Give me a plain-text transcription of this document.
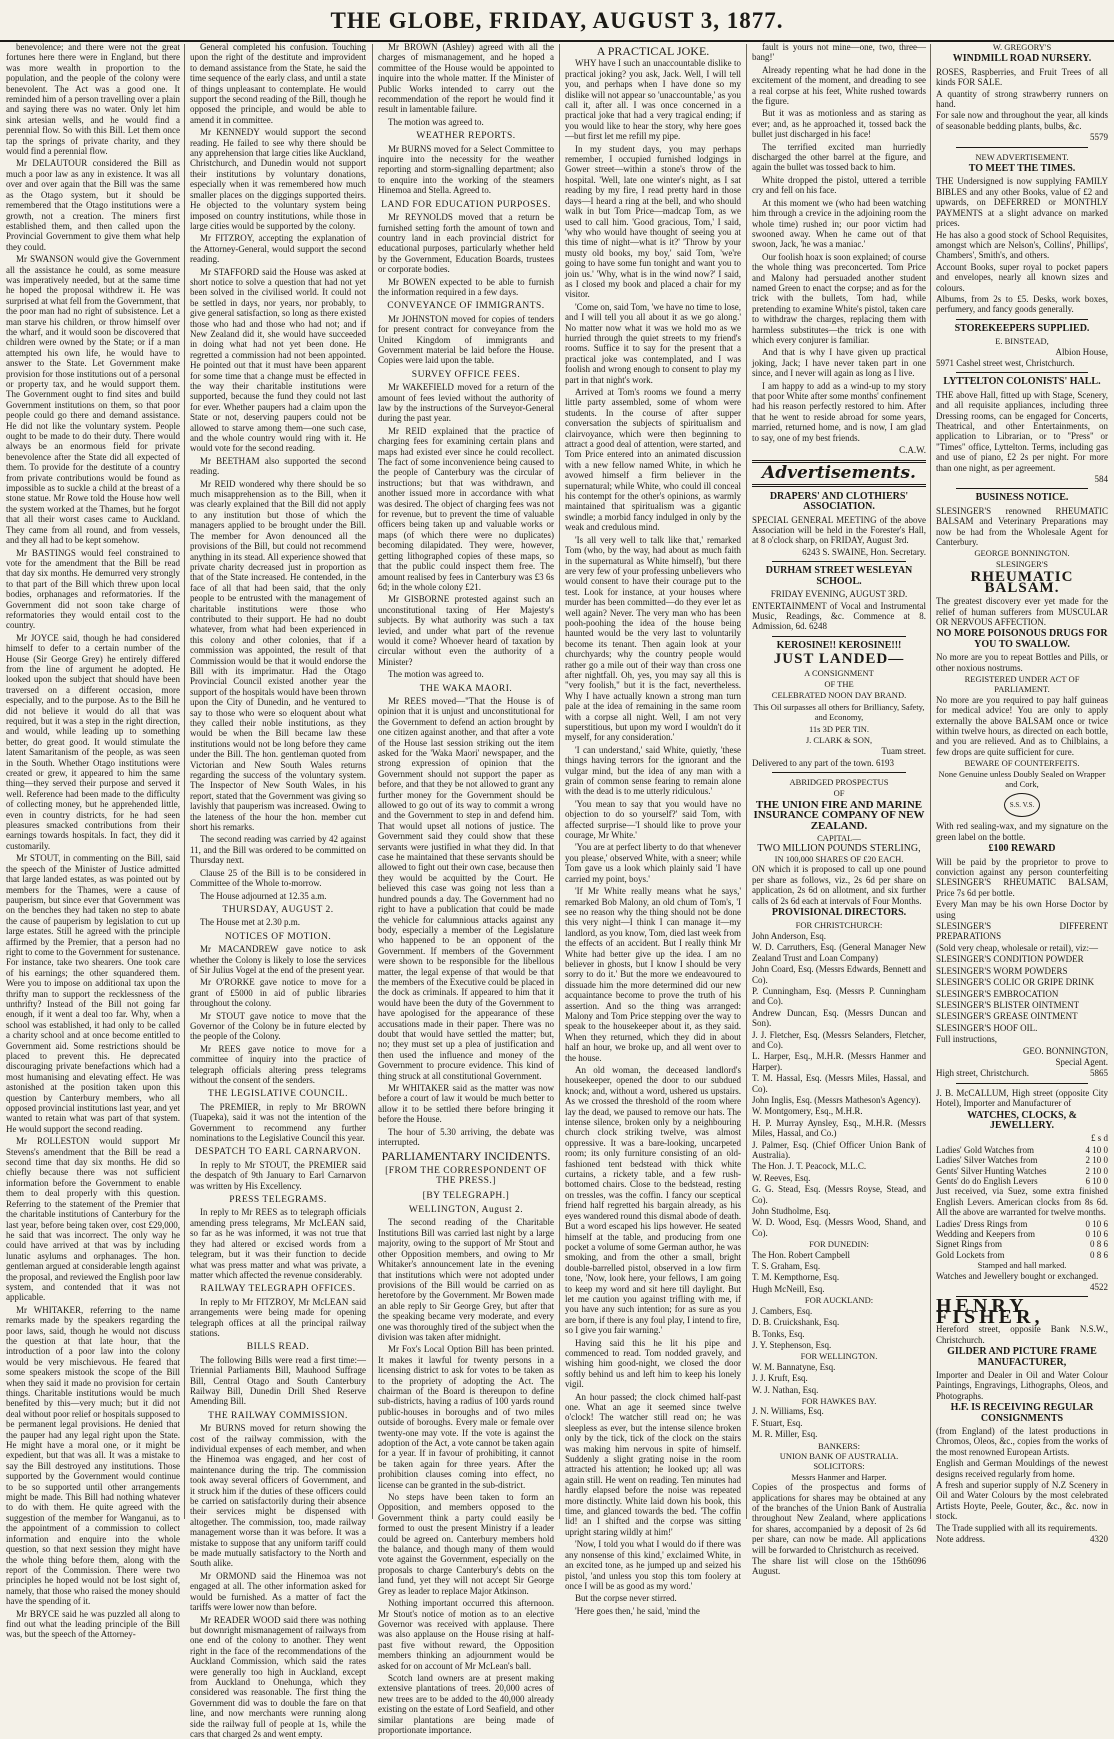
THE GLOBE, FRIDAY, AUGUST 3, 1877.

benevolence; and there were not the great fortunes here there were in England, but there was more wealth in proportion to the population, and the people of the colony were benevolent. The Act was a good one. It reminded him of a person travelling over a plain and saying there was no water. Only let him sink artesian wells, and he would find a perennial flow. So with this Bill. Let them once tap the springs of private charity, and they would find a perennial flow.

Mr DELAUTOUR considered the Bill as much a poor law as any in existence. It was all over and over again that the Bill was the same as the Otago system, but it should be remembered that the Otago institutions were a growth, not a creation. The miners first established them, and then called upon the Provincial Government to give them what help they could.

Mr SWANSON would give the Government all the assistance he could, as some measure was imperatively needed, but at the same time he hoped the proposal withdrew it. He was surprised at what fell from the Government, that the poor man had no right of subsistence. Let a man starve his children, or throw himself over the wharf, and it would soon be discovered that children were owned by the State; or if a man attempted his own life, he would have to answer to the State. Let Government make provision for those institutions out of a personal or property tax, and he would support them. The Government ought to find sites and build Government institutions on them, so that poor people could go there and demand assistance. He did not like the voluntary system. People ought to be made to do their duty. There would always be an enormous field for private benevolence after the State did all expected of them. To provide for the destitute of a country from private contributions would be found as impossible as to suckle a child at the breast of a stone statue. Mr Rowe told the House how well the system worked at the Thames, but he forgot that all their worst cases came to Auckland. They came from all round, and from vessels, and they all had to be kept somehow.

Mr BASTINGS would feel constrained to vote for the amendment that the Bill be read that day six months. He demurred very strongly to that part of the Bill which threw upon local bodies, orphanages and reformatories. If the Government did not soon take charge of reformatories they would entail cost to the country.

Mr JOYCE said, though he had considered himself to defer to a certain number of the House (Sir George Grey) he entirely differed from the line of argument he adopted. He looked upon the subject that should have been traversed on a different occasion, more especially, and to the purpose. As to the Bill he did not believe it would do all that was required, but it was a step in the right direction, and would, while leading up to something better, do great good. It would stimulate the latent Samaritanism of the people, as was seen in the South. Whether Otago institutions were created or grew, it appeared to him the same thing—they served their purpose and served it well. Reference had been made to the difficulty of collecting money, but he apprehended little, even in country districts, for he had seen pleasures smacked contributions from their earnings towards hospitals. In fact, they did it customarily.

Mr STOUT, in commenting on the Bill, said the speech of the Minister of Justice admitted that large landed estates, as was pointed out by members for the Thames, were a cause of pauperism, but since ever that Government was on the benches they had taken no step to abate the cause of pauperism by legislation to cut up large estates. Still he agreed with the principle affirmed by the Premier, that a person had no right to come to the Government for sustenance. For instance, take two shearers. One took care of his earnings; the other squandered them. Were you to impose on additional tax upon the thrifty man to support the recklessness of the unthrifty? Instead of the Bill not going far enough, if it went a deal too far. Why, when a school was established, it had only to be called a charity school and at once become entitled to Government aid. Some restrictions should be placed to prevent this. He deprecated discouraging private benefactions which had a most humanising and elevating effect. He was astonished at the position taken upon this question by Canterbury members, who all opposed provincial institutions last year, and yet wanted to retain what was part of that system. He would support the second reading.

Mr ROLLESTON would support Mr Stevens's amendment that the Bill be read a second time that day six months. He did so chiefly because there was not sufficient information before the Government to enable them to deal properly with this question. Referring to the statement of the Premier that the charitable institutions of Canterbury for the last year, before being taken over, cost £29,000, he said that was incorrect. The only way he could have arrived at that was by including lunatic asylums and orphanages. The hon. gentleman argued at considerable length against the proposal, and reviewed the English poor law system, and contended that it was not applicable.

Mr WHITAKER, referring to the name remarks made by the speakers regarding the poor laws, said, though he would not discuss the question at that late hour, that the introduction of a poor law into the colony would be very mischievous. He feared that some speakers mistook the scope of the Bill when they said it made no provision for certain things. Charitable institutions would be much benefited by this—very much; but it did not deal without poor relief or hospitals supposed to be permanent legal provisions. He denied that the pauper had any legal right upon the State. He might have a moral one, or it might be expedient, but that was all. It was a mistake to say the Bill destroyed any institutions. Those supported by the Government would continue to be so supported until other arrangements might be made. This Bill had nothing whatever to do with them. He quite agreed with the suggestion of the member for Wanganui, as to the appointment of a commission to collect information and enquire into the whole question, so that next session they might have the whole thing before them, along with the report of the Commission. There were two principles he hoped would not be lost sight of, namely, that those who raised the money should have the spending of it.

Mr BRYCE said he was puzzled all along to find out what the leading principle of the Bill was, but the speech of the Attorney-

General completed his confusion. Touching upon the right of the destitute and improvident to demand assistance from the State, he said the time sequence of the early class, and until a state of things unpleasant to contemplate. He would support the second reading of the Bill, though he opposed the principle, and would be able to amend it in committee.

Mr KENNEDY would support the second reading. He failed to see why there should be any apprehension that large cities like Auckland, Christchurch, and Dunedin would not support their institutions by voluntary donations, especially when it was remembered how much smaller places on the diggings supported theirs. He objected to the voluntary system being imposed on country institutions, while those in large cities would be supported by the colony.

Mr FITZROY, accepting the explanation of the Attorney-General, would support the second reading.

Mr STAFFORD said the House was asked at short notice to solve a question that had not yet been solved in the civilised world. It could not be settled in days, nor years, nor probably, to give general satisfaction, so long as there existed those who had and those who had not; and if New Zealand did it, she would have succeeded in doing what had not yet been done. He regretted a commission had not been appointed. He pointed out that it must have been apparent for some time that a change must be effected in the way their charitable institutions were supported, because the fund they could not last for ever. Whether paupers had a claim upon the State or not, deserving paupers could not be allowed to starve among them—one such case, and the whole country would ring with it. He would vote for the second reading.

Mr BEETHAM also supported the second reading.

Mr REID wondered why there should be so much misapprehension as to the Bill, when it was clearly explained that the Bill did not apply to any institution but those of which the managers applied to be brought under the Bill. The member for Avon denounced all the provisions of the Bill, but could not recommend anything in its stead. All experience showed that private charity decreased just in proportion as that of the State increased. He contended, in the face of all that had been said, that the only people to be entrusted with the management of charitable institutions were those who contributed to their support. He had no doubt whatever, from what had been experienced in this colony and other colonies, that if a commission was appointed, the result of that Commission would be that it would endorse the Bill with its imprimatur. Had the Otago Provincial Council existed another year the support of the hospitals would have been thrown upon the City of Dunedin, and he ventured to say to those who were so eloquent about what they called their noble institutions, as they would be when the Bill became law these institutions would not be long before they came under the Bill. The hon. gentleman quoted from Victorian and New South Wales returns regarding the success of the voluntary system. The Inspector of New South Wales, in his report, stated that the Government was giving so lavishly that pauperism was increased. Owing to the lateness of the hour the hon. member cut short his remarks.

The second reading was carried by 42 against 11, and the Bill was ordered to be committed on Thursday next.

Clause 25 of the Bill is to be considered in Committee of the Whole to-morrow.

The House adjourned at 12.35 a.m.

THURSDAY, AUGUST 2.

The House met at 2.30 p.m.

NOTICES OF MOTION.

Mr MACANDREW gave notice to ask whether the Colony is likely to lose the services of Sir Julius Vogel at the end of the present year.

Mr O'RORKE gave notice to move for a grant of £5000 in aid of public libraries throughout the colony.

Mr STOUT gave notice to move that the Governor of the Colony be in future elected by the people of the Colony.

Mr REES gave notice to move for a committee of inquiry into the practice of telegraph officials altering press telegrams without the consent of the senders.

THE LEGISLATIVE COUNCIL.

The PREMIER, in reply to Mr BROWN (Tuapeka), said it was not the intention of the Government to recommend any further nominations to the Legislative Council this year.

DESPATCH TO EARL CARNARVON.

In reply to Mr STOUT, the PREMIER said the despatch of 9th January to Earl Carnarvon was written by His Excellency.

PRESS TELEGRAMS.

In reply to Mr REES as to telegraph officials amending press telegrams, Mr McLEAN said, so far as he was informed, it was not true that they had altered or excised words from a telegram, but it was their function to decide what was press matter and what was private, a matter which affected the revenue considerably.

RAILWAY TELEGRAPH OFFICES.

In reply to Mr FITZROY, Mr McLEAN said arrangements were being made for opening telegraph offices at all the principal railway stations.

BILLS READ.

The following Bills were read a first time:—Triennial Parliaments Bill, Mauhood Suffrage Bill, Central Otago and South Canterbury Railway Bill, Dunedin Drill Shed Reserve Amending Bill.

THE RAILWAY COMMISSION.

Mr BURNS moved for return showing the cost of the railway commission, with the individual expenses of each member, and when the Hinemoa was engaged, and her cost of maintenance during the trip. The commission took away several officers of Government, and it struck him if the duties of these officers could be carried on satisfactorily during their absence their services might be dispensed with altogether. The commission, too, made railway management worse than it was before. It was a mistake to suppose that any uniform tariff could be made mutually satisfactory to the North and South alike.

Mr ORMOND said the Hinemoa was not engaged at all. The other information asked for would be furnished. As a matter of fact the tariffs were lower now than before.

Mr READER WOOD said there was nothing but downright mismanagement of railways from one end of the colony to another. They went right in the face of the recommendations of the Auckland Commission, which said the rates were generally too high in Auckland, except from Auckland to Onehunga, which they considered was reasonable. The first thing the Government did was to double the fare on that line, and now merchants were running along side the railway full of people at 1s, while the cars that charged 2s and went empty.

Mr BROWN (Ashley) agreed with all the charges of mismanagement, and he hoped a committee of the House would be appointed to inquire into the whole matter. If the Minister of Public Works intended to carry out the recommendation of the report he would find it result in lamentable failure.

The motion was agreed to.

WEATHER REPORTS.

Mr BURNS moved for a Select Committee to inquire into the necessity for the weather reporting and storm-signalling department; also to enquire into the working of the steamers Hinemoa and Stella. Agreed to.

LAND FOR EDUCATION PURPOSES.

Mr REYNOLDS moved that a return be furnished setting forth the amount of town and country land in each provincial district for educational purposes, particularly whether held by the Government, Education Boards, trustees or corporate bodies.

Mr BOWEN expected to be able to furnish the information required in a few days.

CONVEYANCE OF IMMIGRANTS.

Mr JOHNSTON moved for copies of tenders for present contract for conveyance from the United Kingdom of immigrants and Government material be laid before the House. Copies were laid upon the table.

SURVEY OFFICE FEES.

Mr WAKEFIELD moved for a return of the amount of fees levied without the authority of law by the instructions of the Surveyor-General during the past year.

Mr REID explained that the practice of charging fees for examining certain plans and maps had existed ever since he could recollect. The fact of some inconvenience being caused to the people of Canterbury was the circular of instructions; but that was withdrawn, and another issued more in accordance with what was desired. The object of charging fees was not for revenue, but to prevent the time of valuable officers being taken up and valuable works or maps (of which there were no duplicates) becoming dilapidated. They were, however, getting lithographed copies of these maps, so that the public could inspect them free. The amount realised by fees in Canterbury was £3 6s 6d; in the whole colony £21.

Mr GISBORNE protested against such an unconstitutional taxing of Her Majesty's subjects. By what authority was such a tax levied, and under what part of the revenue would it come? Whoever heard of taxation by circular without even the authority of a Minister?

The motion was agreed to.

THE WAKA MAORI.

Mr REES moved—"That the House is of opinion that it is unjust and unconstitutional for the Government to defend an action brought by one citizen against another, and that after a vote of the House last session striking out the item asked for the 'Waka Maori' newspaper, and the strong expression of opinion that the Government should not support the paper as before, and that they be not allowed to grant any further money for the Government should be allowed to go out of its way to commit a wrong and the Government to step in and defend him. That would upset all notions of justice. The Government said they could show that these servants were justified in what they did. In that case he maintained that these servants should be allowed to fight out their own case, because then they would be acquitted by the Court. He believed this case was going not less than a hundred pounds a day. The Government had no right to have a publication that could be made the vehicle for calumnious attacks against any body, especially a member of the Legislature who happened to be an opponent of the Government. If members of the Government were shown to be responsible for the libellous matter, the legal expense of that would be that the members of the Executive could be placed in the dock as criminals. If appeared to him that it would have been the duty of the Government to have apologised for the appearance of these accusations made in their paper. There was no doubt that would have settled the matter; but, no; they must set up a plea of justification and then used the influence and money of the Government to procure evidence. This kind of thing struck at all constitutional Government.

Mr WHITAKER said as the matter was now before a court of law it would be much better to allow it to be settled there before bringing it before the House.

The hour of 5.30 arriving, the debate was interrupted.

PARLIAMENTARY INCIDENTS.
[FROM THE CORRESPONDENT OF THE PRESS.]
[BY TELEGRAPH.]
WELLINGTON, August 2.

The second reading of the Charitable Institutions Bill was carried last night by a large majority, owing to the support of Mr Stout and other Opposition members, and owing to Mr Whitaker's announcement late in the evening that institutions which were not adopted under provisions of the Bill would be carried on as heretofore by the Government. Mr Bowen made an able reply to Sir George Grey, but after that the speaking became very moderate, and every one was thoroughly tired of the subject when the division was taken after midnight.

Mr Fox's Local Option Bill has been printed. It makes it lawful for twenty persons in a licensing district to ask for votes to be taken as to the propriety of adopting the Act. The chairman of the Board is thereupon to define sub-districts, having a radius of 100 yards round public-houses in boroughs and of two miles outside of boroughs. Every male or female over twenty-one may vote. If the vote is against the adoption of the Act, a vote cannot be taken again for a year. If in favour of prohibiting, it cannot be taken again for three years. After the prohibition clauses coming into effect, no license can be granted in the sub-district.

No steps have been taken to form an Opposition, and members opposed to the Government think a party could easily be formed to oust the present Ministry if a leader could be agreed on. Canterbury members hold the balance, and though many of them would vote against the Government, especially on the proposals to charge Canterbury's debts on the land fund, yet they will not accept Sir George Grey as leader to replace Major Atkinson.

Nothing important occurred this afternoon. Mr Stout's notice of motion as to an elective Governor was received with applause. There was also applause on the House rising at half-past five without reward, the Opposition members thinking an adjournment would be asked for on account of Mr McLean's ball.

Scotch land owners are at present making extensive plantations of trees. 20,000 acres of new trees are to be added to the 40,000 already existing on the estate of Lord Seafield, and other similar plantations are being made of proportionate importance.

A PRACTICAL JOKE.

WHY have I such an unaccountable dislike to practical joking? you ask, Jack. Well, I will tell you, and perhaps when I have done so my dislike will not appear so 'unaccountable,' as you call it, after all. I was once concerned in a practical joke that had a very tragical ending; if you would like to hear the story, why here goes—but first let me refill my pipe.

In my student days, you may perhaps remember, I occupied furnished lodgings in Gower street—within a stone's throw of the hospital. 'Well, late one winter's night, as I sat reading by my fire, I read pretty hard in those days—I heard a ring at the bell, and who should walk in but Tom Price—madcap Tom, as we used to call him. 'Good gracious, Tom,' I said, 'why who would have thought of seeing you at this time of night—what is it?' 'Throw by your musty old books, my boy,' said Tom, 'we're going to have some fun tonight and want you to join us.' 'Why, what is in the wind now?' I said, as I closed my book and placed a chair for my visitor.

'Come on, said Tom, 'we have no time to lose, and I will tell you all about it as we go along.' No matter now what it was we hold mo as we hurried through the quiet streets to my friend's rooms. Suffice it to say for the present that a practical joke was contemplated, and I was foolish and wrong enough to consent to play my part in that night's work.

Arrived at Tom's rooms we found a merry little party assembled, some of whom were students. In the course of after supper conversation the subjects of spiritualism and clairvoyance, which were then beginning to attract a good deal of attention, were started, and Tom Price entered into an animated discussion with a new fellow named White, in which he avowed himself a firm believer in the supernatural; while White, who could ill conceal his contempt for the other's opinions, as warmly maintained that spiritualism was a gigantic swindle; a morbid fancy indulged in only by the weak and credulous mind.

'Is all very well to talk like that,' remarked Tom (who, by the way, had about as much faith in the supernatural as White himself), 'but there are very few of your professing unbelievers who would consent to have their courage put to the test. Look for instance, at your houses where murder has been committed—do they ever let as well again? Never. The very man who has been pooh-poohing the idea of the house being haunted would be the very last to voluntarily become its tenant. Then again look at your churchyards; why the country people would rather go a mile out of their way than cross one after nightfall. Oh, yes, you may say all this is "very foolish," but it is the fact, nevertheless. Why I have actually known a strong man turn pale at the idea of remaining in the same room with a corpse all night. Well, I am not very superstitious, but upon my word I wouldn't do it myself, for any consideration.'

'I can understand,' said White, quietly, 'these things having terrors for the ignorant and the vulgar mind, but the idea of any man with a grain of common sense fearing to remain alone with the dead is to me utterly ridiculous.'

'You mean to say that you would have no objection to do so yourself?' said Tom, with affected surprise—'I should like to prove your courage, Mr White.'

'You are at perfect liberty to do that whenever you please,' observed White, with a sneer; while Tom gave us a look which plainly said 'I have carried my point, boys.'

'If Mr White really means what he says,' remarked Bob Malony, an old chum of Tom's, 'I see no reason why the thing should not be done this very night—I think I can manage it—my landlord, as you know, Tom, died last week from the effects of an accident. But I really think Mr White had better give up the idea. I am no believer in ghosts, but I know I should be very sorry to do it.' But the more we endeavoured to dissuade him the more determined did our new acquaintance become to prove the truth of his assertion. And so the thing was arranged: Malony and Tom Price stepping over the way to speak to the housekeeper about it, as they said. When they returned, which they did in about half an hour, we broke up, and all went over to the house.

An old woman, the deceased landlord's housekeeper, opened the door to our subdued knock; and, without a word, ushered us upstairs. As we crossed the threshold of the room where lay the dead, we paused to remove our hats. The intense silence, broken only by a neighbouring church clock striking twelve, was almost oppressive. It was a bare-looking, uncarpeted room; its only furniture consisting of an old-fashioned tent bedstead with thick white curtains, a rickety table, and a few rush-bottomed chairs. Close to the bedstead, resting on tressles, was the coffin. I fancy our sceptical friend half regretted his bargain already, as his eyes wandered round this dismal abode of death. But a word escaped his lips however. He seated himself at the table, and producing from one pocket a volume of some German author, he was smoking, and from the other a small, bright double-barrelled pistol, observed in a low firm tone, 'Now, look here, your fellows, I am going to keep my word and sit here till daylight. But let me caution you against trifling with me, if you have any such intention; for as sure as you are born, if there is any foul play, I intend to fire, so I give you fair warning.'

Having said this he lit his pipe and commenced to read. Tom nodded gravely, and wishing him good-night, we closed the door softly behind us and left him to keep his lonely vigil.

An hour passed; the clock chimed half-past one. What an age it seemed since twelve o'clock! The watcher still read on; he was sleepless as ever, but the intense silence broken only by the tick, tick of the clock on the stairs was making him nervous in spite of himself. Suddenly a slight grating noise in the room attracted his attention; he looked up; all was again still. He went on reading. Ten minutes had hardly elapsed before the noise was repeated more distinctly. White laid down his book, this time, and glanced towards the bed. 'The coffin lid! an I shifted and the corpse was sitting upright staring wildly at him!'

'Now, I told you what I would do if there was any nonsense of this kind,' exclaimed White, in an excited tone, as he jumped up and seized his pistol, 'and unless you stop this tom foolery at once I will be as good as my word.'

But the corpse never stirred.

'Here goes then,' he said, 'mind the

fault is yours not mine—one, two, three—bang!'

Already repenting what he had done in the excitement of the moment, and dreading to see a real corpse at his feet, White rushed towards the figure.

But it was as motionless and as staring as ever; and, as he approached it, tossed back the bullet just discharged in his face!

The terrified excited man hurriedly discharged the other barrel at the figure, and again the bullet was tossed back to him.

White dropped the pistol, uttered a terrible cry and fell on his face.

At this moment we (who had been watching him through a crevice in the adjoining room the whole time) rushed in; our poor victim had swooned away. When he came out of that swoon, Jack, 'he was a maniac.'

Our foolish hoax is soon explained; of course the whole thing was preconcerted. Tom Price and Malony had persuaded another student named Green to enact the corpse; and as for the trick with the bullets, Tom had, while pretending to examine White's pistol, taken care to withdraw the charges, replacing them with harmless substitutes—the trick is one with which every conjurer is familiar.

And that is why I have given up practical joking, Jack; I have never taken part in one since, and I never will again as long as I live.

I am happy to add as a wind-up to my story that poor White after some months' confinement had his reason perfectly restored to him. After that he went to reside abroad for some years, married, returned home, and is now, I am glad to say, one of my best friends.

C.A.W.

Advertisements.
DRAPERS' AND CLOTHIERS' ASSOCIATION.

SPECIAL GENERAL MEETING of the above Association will be held in the Forester's Hall, at 8 o'clock sharp, on FRIDAY, August 3rd.

6243 S. SWAINE, Hon. Secretary.

DURHAM STREET WESLEYAN SCHOOL.

FRIDAY EVENING, AUGUST 3RD.

ENTERTAINMENT of Vocal and Instrumental Music, Readings, &c. Commence at 8. Admission, 6d. 6248

KEROSINE!! KEROSINE!!!
JUST LANDED—

A CONSIGNMENT

OF THE

CELEBRATED NOON DAY BRAND.

This Oil surpasses all others for Brilliancy, Safety, and Economy,

11s 3D PER TIN.

J. CLARK & SON,

Tuam street.

Delivered to any part of the town. 6193

ABRIDGED PROSPECTUS
OF
THE UNION FIRE AND MARINE INSURANCE COMPANY OF NEW ZEALAND.
CAPITAL—
TWO MILLION POUNDS STERLING,
IN 100,000 SHARES OF £20 EACH.

ON which it is proposed to call up one pound per share as follows, viz., 2s 6d per share on application, 2s 6d on allotment, and six further calls of 2s 6d each at intervals of Four Months.

PROVISIONAL DIRECTORS.
FOR CHRISTCHURCH:

John Anderson, Esq.

W. D. Carruthers, Esq. (General Manager New Zealand Trust and Loan Company)

John Coard, Esq. (Messrs Edwards, Bennett and Co).

P. Cunningham, Esq. (Messrs P. Cunningham and Co).

Andrew Duncan, Esq. (Messrs Duncan and Son).

J. J. Fletcher, Esq. (Messrs Selanders, Fletcher, and Co).

L. Harper, Esq., M.H.R. (Messrs Hanmer and Harper).

T. M. Hassal, Esq. (Messrs Miles, Hassal, and Co).

John Inglis, Esq. (Messrs Matheson's Agency).

W. Montgomery, Esq., M.H.R.

H. P. Murray Aynsley, Esq., M.H.R. (Messrs Miles, Hassal, and Co.)

J. Palmer, Esq. (Chief Officer Union Bank of Australia).

The Hon. J. T. Peacock, M.L.C.

W. Reeves, Esq.

G. G. Stead, Esq. (Messrs Royse, Stead, and Co).

John Studholme, Esq.

W. D. Wood, Esq. (Messrs Wood, Shand, and Co).

FOR DUNEDIN:

The Hon. Robert Campbell

T. S. Graham, Esq.

T. M. Kempthorne, Esq.

Hugh McNeill, Esq.

FOR AUCKLAND:

J. Cambers, Esq.

D. B. Cruickshank, Esq.

B. Tonks, Esq.

J. Y. Stephenson, Esq.

FOR WELLINGTON.

W. M. Bannatyne, Esq.

J. J. Kruft, Esq.

W. J. Nathan, Esq.

FOR HAWKES BAY.

J. N. Williams, Esq.

F. Stuart, Esq.

M. R. Miller, Esq.

BANKERS:
UNION BANK OF AUSTRALIA.
SOLICITORS:
Messrs Hanmer and Harper.

Copies of the prospectus and forms of applications for shares may be obtained at any of the branches of the Union Bank of Australia throughout New Zealand, where applications for shares, accompanied by a deposit of 2s 6d per share, can now be made. All applications will be forwarded to Christchurch as received.

The share list will close on the 15th August.
6096
W. GREGORY'S
WINDMILL ROAD NURSERY.

ROSES, Raspberries, and Fruit Trees of all kinds FOR SALE.

A quantity of strong strawberry runners on hand.

For sale now and throughout the year, all kinds of seasonable bedding plants, bulbs, &c.

5579

NEW ADVERTISEMENT.
TO MEET THE TIMES.

THE Undersigned is now supplying FAMILY BIBLES and any other Books, value of £2 and upwards, on DEFERRED or MONTHLY PAYMENTS at a slight advance on marked prices.

He has also a good stock of School Requisites, amongst which are Nelson's, Collins', Phillips', Chambers', Smith's, and others.

Account Books, super royal to pocket papers and envelopes, nearly all known sizes and colours.

Albums, from 2s to £5. Desks, work boxes, perfumery, and fancy goods generally.

STOREKEEPERS SUPPLIED.
E. BINSTEAD,

Albion House,

5971 Cashel street west, Christchurch.

LYTTELTON COLONISTS' HALL.

THE above Hall, fitted up with Stage, Scenery, and all requisite appliances, including three Dressing rooms, can be engaged for Concerts, Theatrical, and other Entertainments, on application to Librarian, or to "Press" or "Times" office, Lyttelton. Terms, including gas and use of piano, £2 2s per night. For more than one night, as per agreement.

584

BUSINESS NOTICE.

SLESINGER'S renowned RHEUMATIC BALSAM and Veterinary Preparations may now be had from the Wholesale Agent for Canterbury.

GEORGE BONNINGTON.
SLESINGER'S
RHEUMATIC BALSAM.

The greatest discovery ever yet made for the relief of human sufferers from MUSCULAR OR NERVOUS AFFECTION.

NO MORE POISONOUS DRUGS FOR YOU TO SWALLOW.

No more are you to repeat Bottles and Pills, or other noxious nostrums.

REGISTERED UNDER ACT OF PARLIAMENT.

No more are you required to pay half guineas for medical advice! You are only to apply externally the above BALSAM once or twice within twelve hours, as directed on each bottle, and you are relieved. And as to Chilblains, a few drops are quite sufficient for cure.

BEWARE OF COUNTERFEITS.

None Genuine unless Doubly Sealed on Wrapper and Cork,

S.S. V.S.

With red sealing-wax, and my signature on the green label on the bottle.

£100 REWARD

Will be paid by the proprietor to prove to conviction against any person counterfeiting SLESINGER'S RHEUMATIC BALSAM, Price 7s 6d per bottle.

Every Man may be his own Horse Doctor by using

SLESINGER'S DIFFERENT PREPARATIONS

(Sold very cheap, wholesale or retail), viz:—

SLESINGER'S CONDITION POWDER

SLESINGER'S WORM POWDERS

SLESINGER'S COLIC OR GRIPE DRINK

SLESINGER'S EMBROCATION

SLESINGER'S BLISTER OINTMENT

SLESINGER'S GREASE OINTMENT

SLESINGER'S HOOF OIL.

Full instructions,

GEO. BONNINGTON,

Special Agent.

High street, Christchurch.	5865

J. B. McCALLUM, High street (opposite City Hotel), Importer and Manufacturer of

WATCHES, CLOCKS, & JEWELLERY.

£ s d

Ladies' Gold Watches from	4 10 0
Ladies' Silver Watches from	2 10 0
Gents' Silver Hunting Watches	2 10 0
Gents' do do English Levers	6 10 0

Just received, via Suez, some extra finished English Levers. American clocks from 8s 6d. All the above are warranted for twelve months.

Ladies' Dress Rings from	0 10 6
Wedding and Keepers from	0 10 6
Signet Rings from	0 8 6
Gold Lockets from	0 8 6
Stamped and hall marked.

Watches and Jewellery bought or exchanged.

4522

HENRY FISHER,

Hereford street, opposite Bank N.S.W., Christchurch.

GILDER AND PICTURE FRAME MANUFACTURER,

Importer and Dealer in Oil and Water Colour Paintings, Engravings, Lithographs, Oleos, and Photographs.

H.F. IS RECEIVING REGULAR CONSIGNMENTS

(from England) of the latest productions in Chromos, Oleos, &c., copies from the works of the most renowned European Artists.

English and German Mouldings of the newest designs received regularly from home.

A fresh and superior supply of N.Z Scenery in Oil and Water Colours by the most celebrated Artists Hoyte, Peele, Gouter, &c., &c. now in stock.

The Trade supplied with all its requirements.

Note address.	4320
